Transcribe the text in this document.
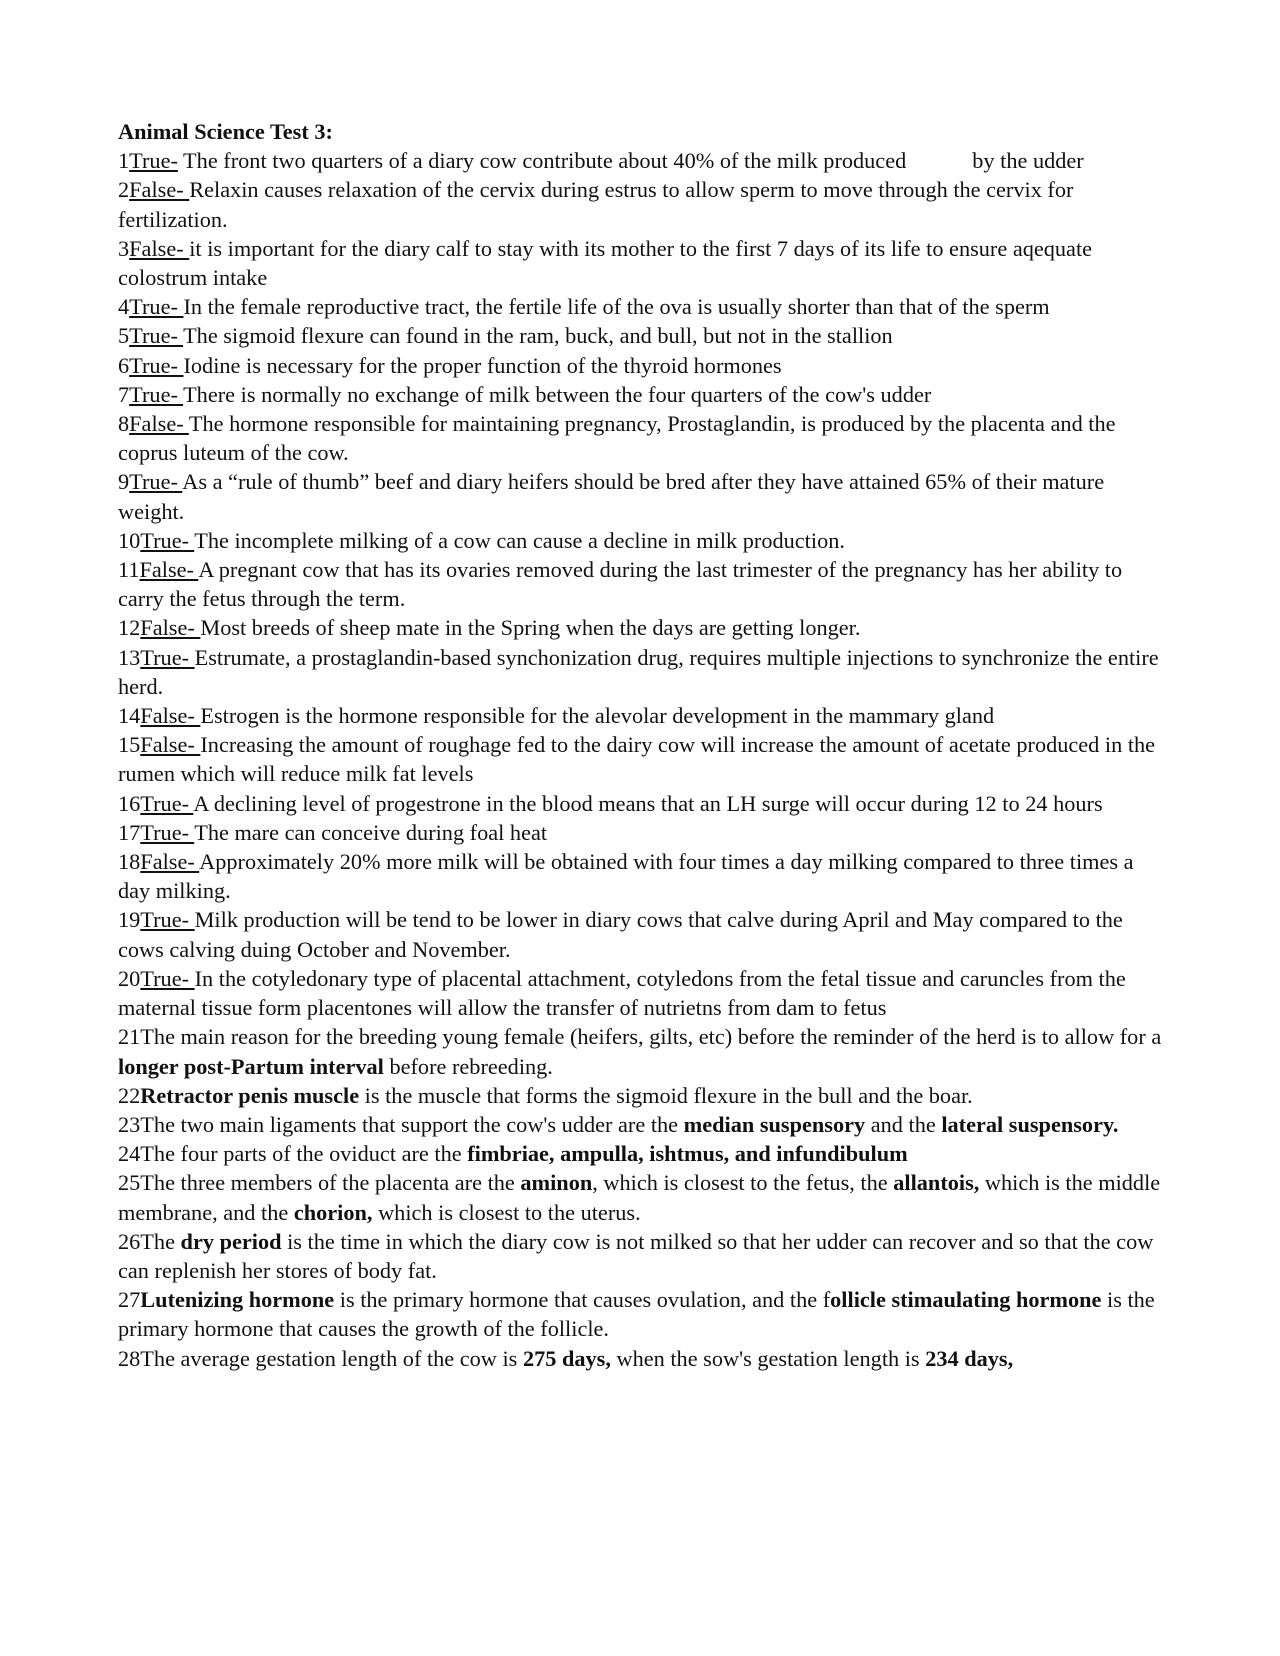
Animal Science Test 3:

1True- The front two quarters of a diary cow contribute about 40% of the milk produced	by the udder

2False- Relaxin causes relaxation of the cervix during estrus to allow sperm to move through the cervix for fertilization.

3False- it is important for the diary calf to stay with its mother to the first 7 days of its life to ensure aqequate colostrum intake

4True- In the female reproductive tract, the fertile life of the ova is usually shorter than that of the sperm

5True- The sigmoid flexure can found in the ram, buck, and bull, but not in the stallion

6True- Iodine is necessary for the proper function of the thyroid hormones

7True- There is normally no exchange of milk between the four quarters of the cow's udder

8False- The hormone responsible for maintaining pregnancy, Prostaglandin, is produced by the placenta and the coprus luteum of the cow.

9True- As a “rule of thumb” beef and diary heifers should be bred after they have attained 65% of their mature weight.

10True- The incomplete milking of a cow can cause a decline in milk production.

11False- A pregnant cow that has its ovaries removed during the last trimester of the pregnancy has her ability to carry the fetus through the term.

12False- Most breeds of sheep mate in the Spring when the days are getting longer.

13True- Estrumate, a prostaglandin-based synchonization drug, requires multiple injections to synchronize the entire herd.

14False- Estrogen is the hormone responsible for the alevolar development in the mammary gland

15False- Increasing the amount of roughage fed to the dairy cow will increase the amount of acetate produced in the rumen which will reduce milk fat levels

16True- A declining level of progestrone in the blood means that an LH surge will occur during 12 to 24 hours

17True- The mare can conceive during foal heat

18False- Approximately 20% more milk will be obtained with four times a day milking compared to three times a day milking.

19True- Milk production will be tend to be lower in diary cows that calve during April and May compared to the cows calving duing October and November.

20True- In the cotyledonary type of placental attachment, cotyledons from the fetal tissue and caruncles from the maternal tissue form placentones will allow the transfer of nutrietns from dam to fetus

21The main reason for the breeding young female (heifers, gilts, etc) before the reminder of the herd is to allow for a longer post-Partum interval before rebreeding.

22Retractor penis muscle is the muscle that forms the sigmoid flexure in the bull and the boar.

23The two main ligaments that support the cow's udder are the median suspensory and the lateral suspensory.

24The four parts of the oviduct are the fimbriae, ampulla, ishtmus, and infundibulum

25The three members of the placenta are the aminon, which is closest to the fetus, the allantois, which is the middle membrane, and the chorion, which is closest to the uterus.

26The dry period is the time in which the diary cow is not milked so that her udder can recover and so that the cow can replenish her stores of body fat.

27Lutenizing hormone is the primary hormone that causes ovulation, and the follicle stimaulating hormone is the primary hormone that causes the growth of the follicle.

28The average gestation length of the cow is 275 days, when the sow's gestation length is 234 days,
